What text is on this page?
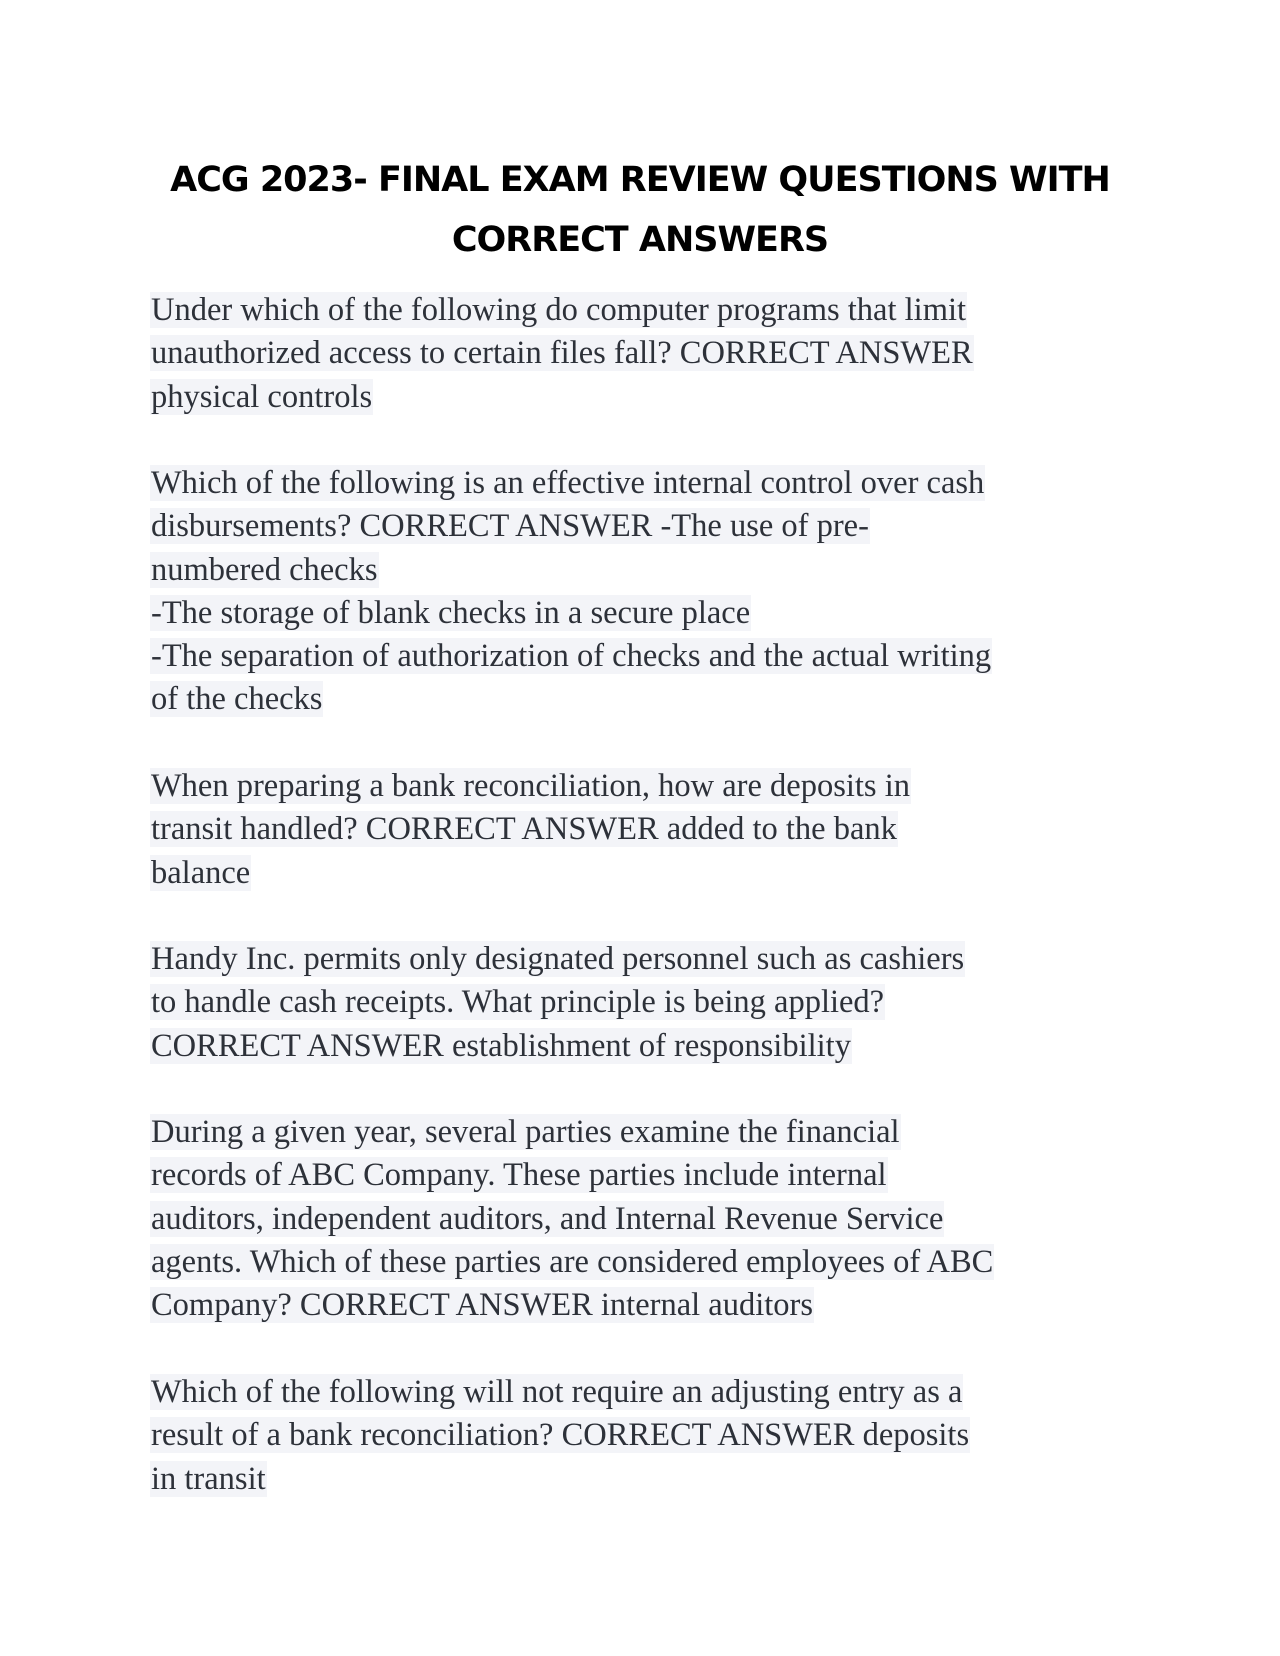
ACG 2023- FINAL EXAM REVIEW QUESTIONS WITH
CORRECT ANSWERS
Under which of the following do computer programs that limit
unauthorized access to certain files fall? CORRECT ANSWER
physical controls
Which of the following is an effective internal control over cash
disbursements? CORRECT ANSWER -The use of pre-
numbered checks
-The storage of blank checks in a secure place
-The separation of authorization of checks and the actual writing
of the checks
When preparing a bank reconciliation, how are deposits in
transit handled? CORRECT ANSWER added to the bank
balance
Handy Inc. permits only designated personnel such as cashiers
to handle cash receipts. What principle is being applied?
CORRECT ANSWER establishment of responsibility
During a given year, several parties examine the financial
records of ABC Company. These parties include internal
auditors, independent auditors, and Internal Revenue Service
agents. Which of these parties are considered employees of ABC
Company? CORRECT ANSWER internal auditors
Which of the following will not require an adjusting entry as a
result of a bank reconciliation? CORRECT ANSWER deposits
in transit
